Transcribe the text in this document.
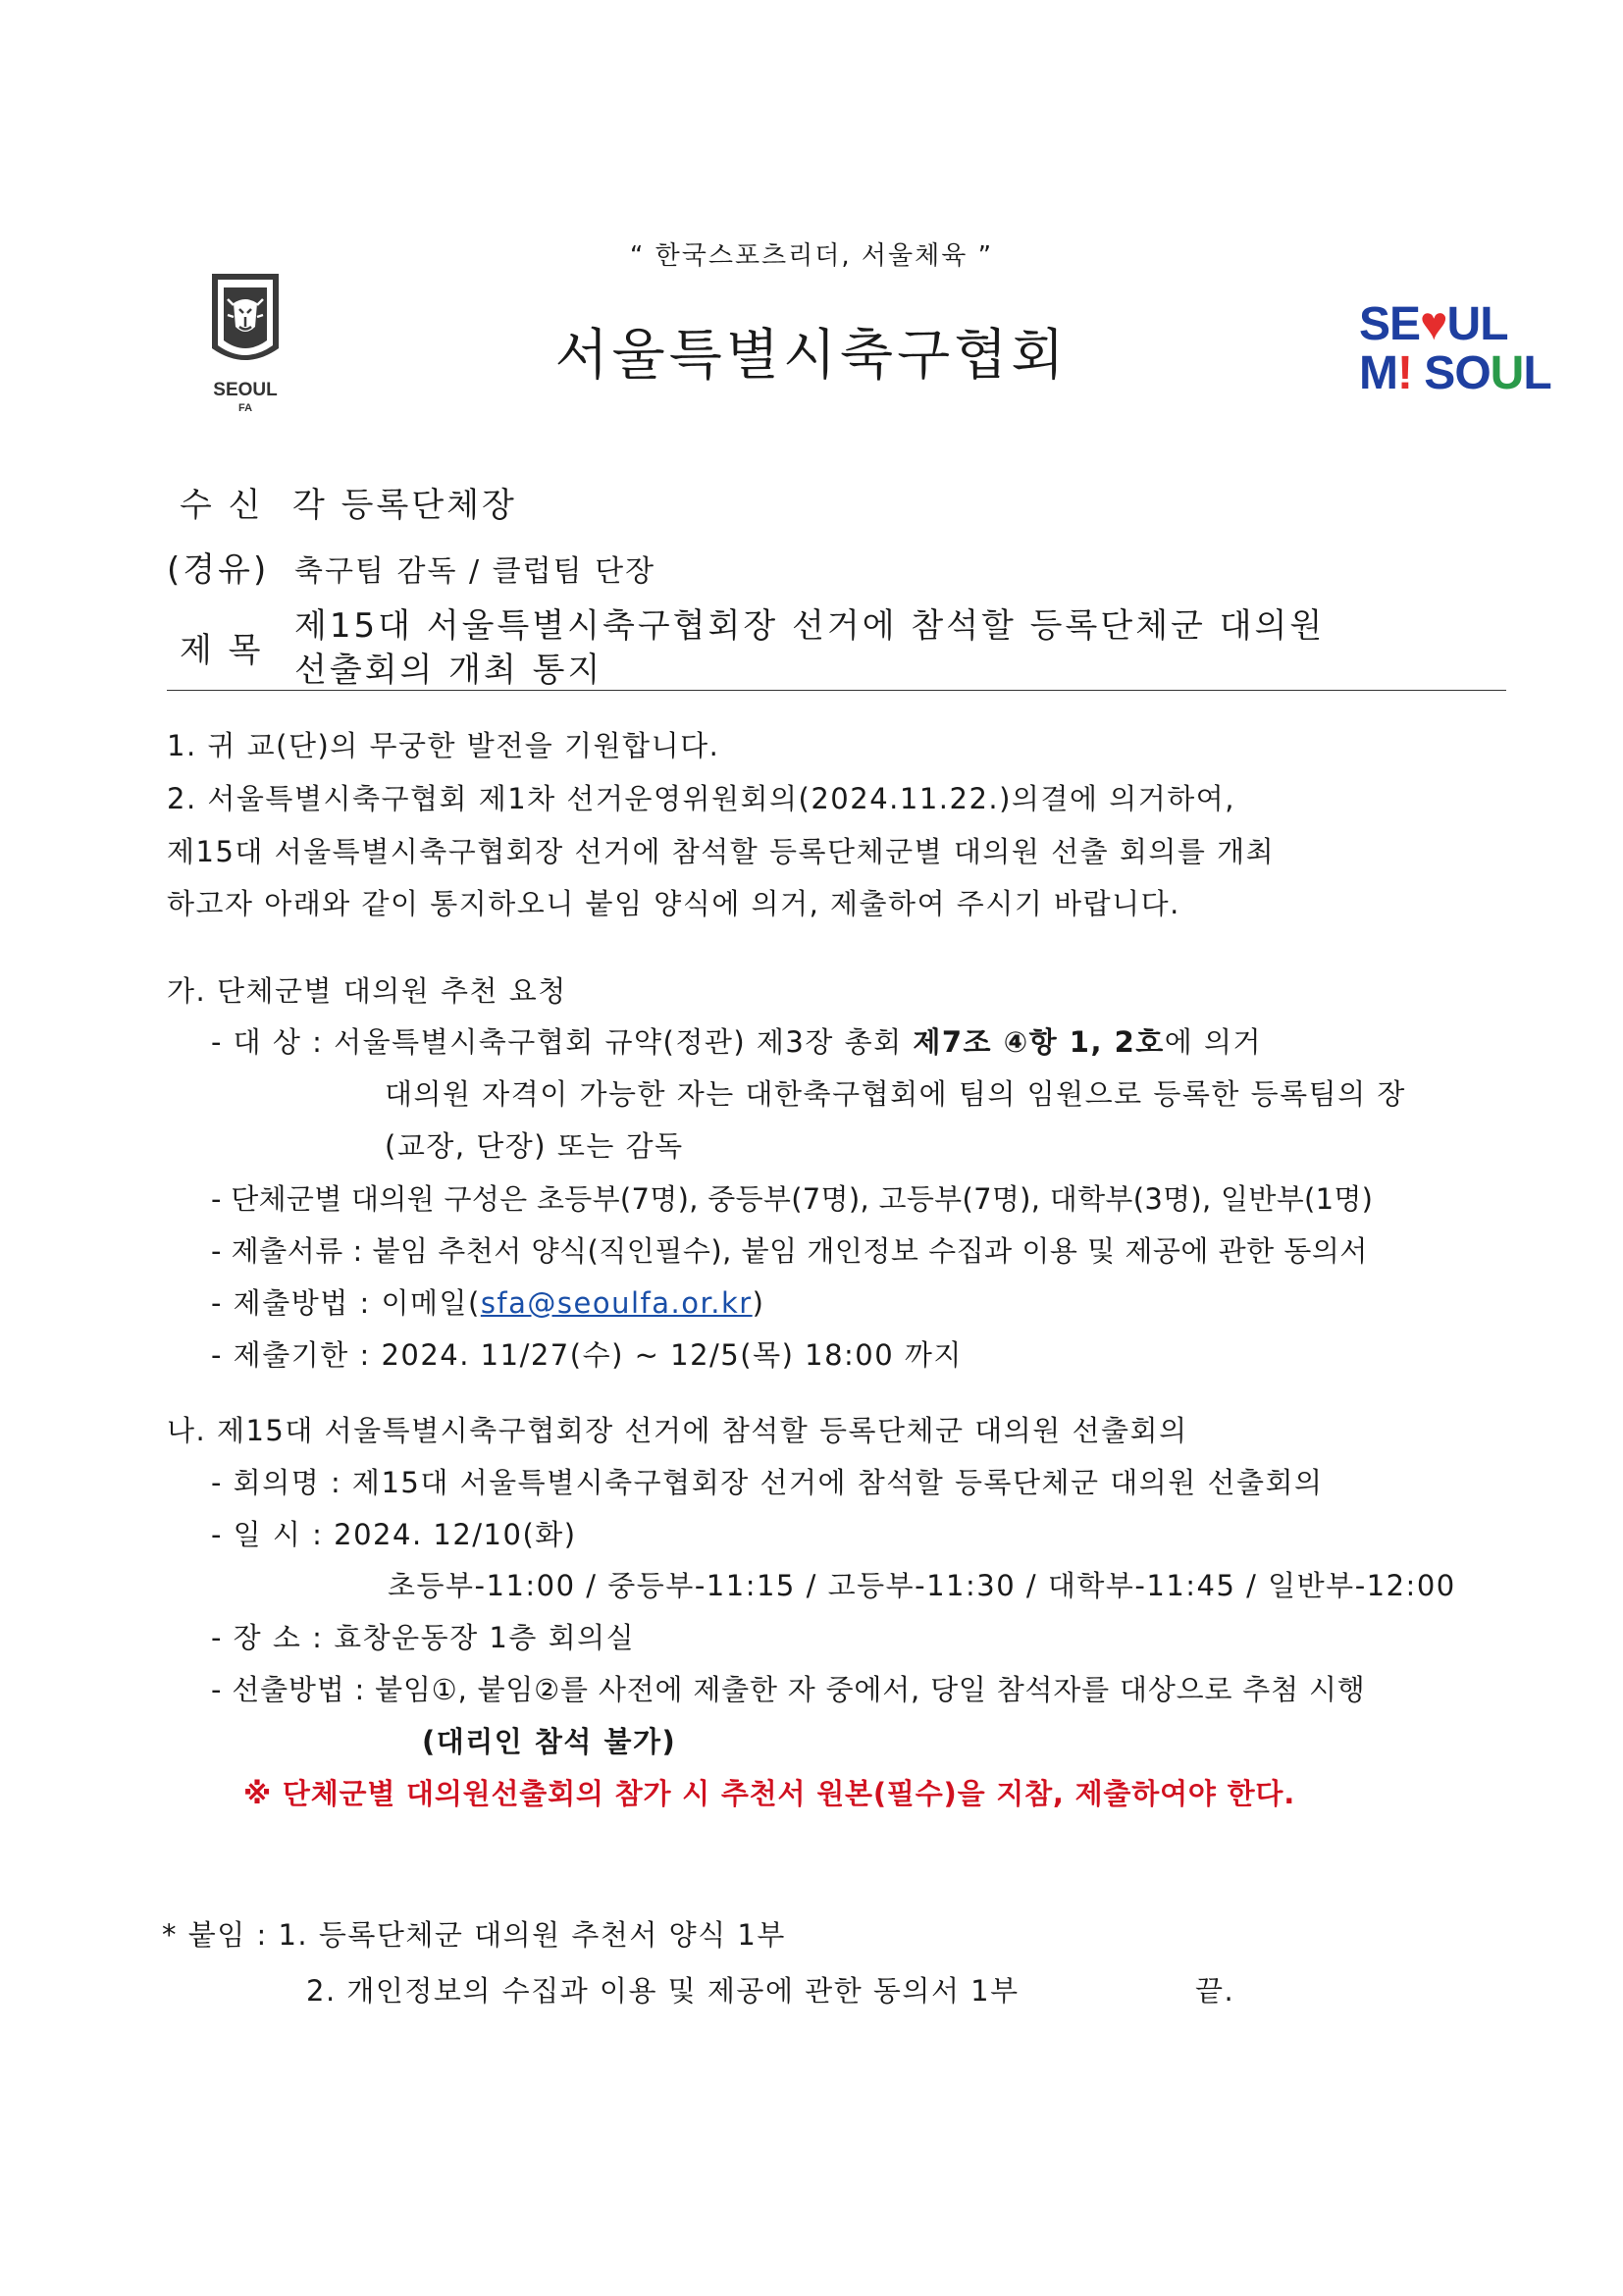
“ 한국스포츠리더, 서울체육 ”
SEOUL
FA
서울특별시축구협회	SE♥UL
M! SOUL
수 신 각 등록단체장
(경유) 축구팀 감독 / 클럽팀 단장
제 목
제15대 서울특별시축구협회장 선거에 참석할 등록단체군 대의원
선출회의 개최 통지
1. 귀 교(단)의 무궁한 발전을 기원합니다.
2. 서울특별시축구협회 제1차 선거운영위원회의(2024.11.22.)의결에 의거하여,
제15대 서울특별시축구협회장 선거에 참석할 등록단체군별 대의원 선출 회의를 개최
하고자 아래와 같이 통지하오니 붙임 양식에 의거, 제출하여 주시기 바랍니다.
가. 단체군별 대의원 추천 요청
- 대 상 : 서울특별시축구협회 규약(정관) 제3장 총회 제7조 ④항 1, 2호에 의거
대의원 자격이 가능한 자는 대한축구협회에 팀의 임원으로 등록한 등록팀의 장
(교장, 단장) 또는 감독
- 단체군별 대의원 구성은 초등부(7명), 중등부(7명), 고등부(7명), 대학부(3명), 일반부(1명)
- 제출서류 : 붙임 추천서 양식(직인필수), 붙임 개인정보 수집과 이용 및 제공에 관한 동의서
- 제출방법 : 이메일(sfa@seoulfa.or.kr)
- 제출기한 : 2024. 11/27(수) ~ 12/5(목) 18:00 까지
나. 제15대 서울특별시축구협회장 선거에 참석할 등록단체군 대의원 선출회의
- 회의명 : 제15대 서울특별시축구협회장 선거에 참석할 등록단체군 대의원 선출회의
- 일 시 : 2024. 12/10(화)
초등부-11:00 / 중등부-11:15 / 고등부-11:30 / 대학부-11:45 / 일반부-12:00
- 장 소 : 효창운동장 1층 회의실
- 선출방법 : 붙임①, 붙임②를 사전에 제출한 자 중에서, 당일 참석자를 대상으로 추첨 시행
(대리인 참석 불가)
※ 단체군별 대의원선출회의 참가 시 추천서 원본(필수)을 지참, 제출하여야 한다.
* 붙임 : 1. 등록단체군 대의원 추천서 양식 1부
2. 개인정보의 수집과 이용 및 제공에 관한 동의서 1부	끝.
